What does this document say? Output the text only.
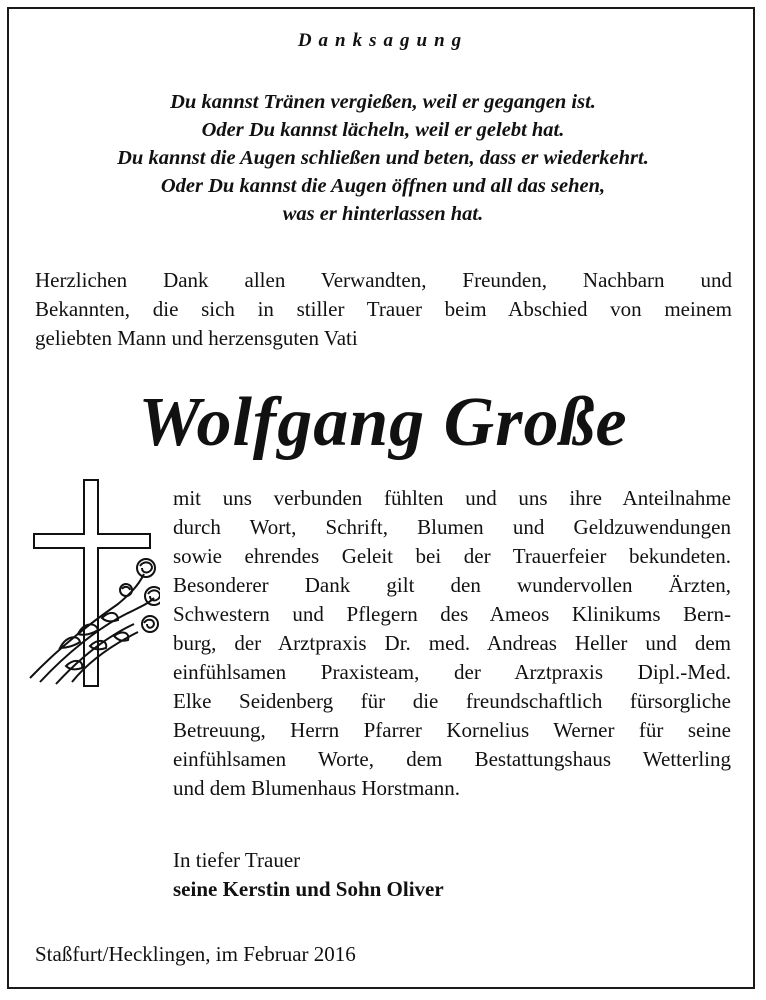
Danksagung
Du kannst Tränen vergießen, weil er gegangen ist.
Oder Du kannst lächeln, weil er gelebt hat.
Du kannst die Augen schließen und beten, dass er wiederkehrt.
Oder Du kannst die Augen öffnen und all das sehen,
was er hinterlassen hat.
Herzlichen Dank allen Verwandten, Freunden, Nachbarn und
Bekannten, die sich in stiller Trauer beim Abschied von meinem
geliebten Mann und herzensguten Vati
Wolfgang Große
mit uns verbunden fühlten und uns ihre Anteilnahme
durch Wort, Schrift, Blumen und Geldzuwendungen
sowie ehrendes Geleit bei der Trauerfeier bekundeten.
Besonderer Dank gilt den wundervollen Ärzten,
Schwestern und Pflegern des Ameos Klinikums Bern-
burg, der Arztpraxis Dr. med. Andreas Heller und dem
einfühlsamen Praxisteam, der Arztpraxis Dipl.-Med.
Elke Seidenberg für die freundschaftlich fürsorgliche
Betreuung, Herrn Pfarrer Kornelius Werner für seine
einfühlsamen Worte, dem Bestattungshaus Wetterling
und dem Blumenhaus Horstmann.
In tiefer Trauer
seine Kerstin und Sohn Oliver
Staßfurt/Hecklingen, im Februar 2016
